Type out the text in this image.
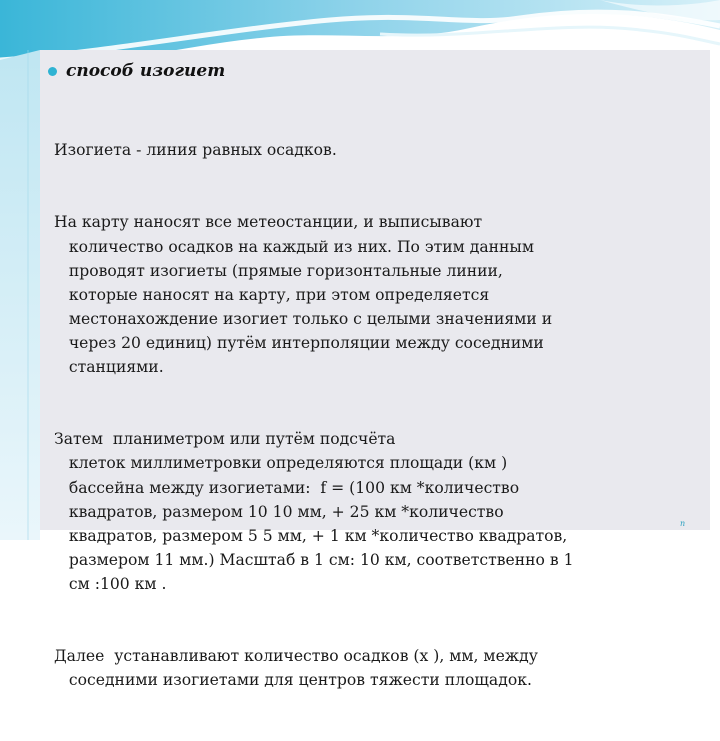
способ изогиет

Изогиета - линия равных осадков.

На карту наносят все метеостанции, и выписывают
количество осадков на каждый из них. По этим данным
проводят изогиеты (прямые горизонтальные линии,
которые наносят на карту, при этом определяется
местонахождение изогиет только с целыми значениями и
через 20 единиц) путём интерполяции между соседними
станциями.

Затем  планиметром или путём подсчёта
клеток миллиметровки определяются площади (км )
бассейна между изогиетами:  f = (100 км *количество
квадратов, размером 10 10 мм, + 25 км *количество
квадратов, размером 5 5 мм, + 1 км *количество квадратов,
размером 11 мм.) Масштаб в 1 см: 10 км, соответственно в 1
см :100 км .

Далее  устанавливают количество осадков (x ), мм, между
соседними изогиетами для центров тяжести площадок.

п
